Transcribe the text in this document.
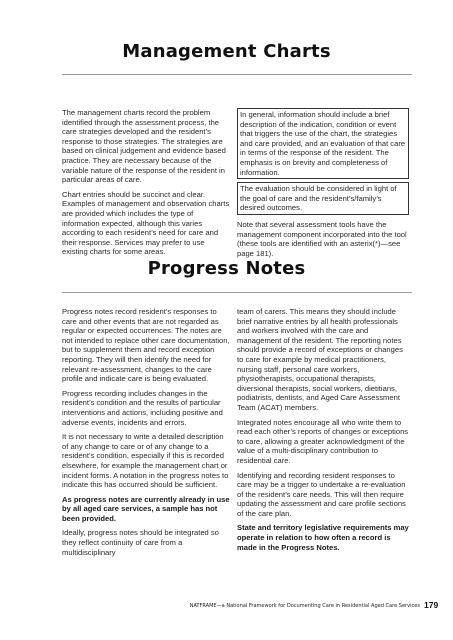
Management Charts

The management charts record the problem identified through the assessment process, the care strategies developed and the resident’s response to those strategies. The strategies are based on clinical judgement and evidence based practice. They are necessary because of the variable nature of the response of the resident in particular areas of care.

Chart entries should be succinct and clear. Examples of management and observation charts are provided which includes the type of information expected, although this varies according to each resident’s need for care and their response. Services may prefer to use existing charts for some areas.

In general, information should include a brief description of the indication, condition or event that triggers the use of the chart, the strategies and care provided, and an evaluation of that care in terms of the response of the resident. The emphasis is on brevity and completeness of information.

The evaluation should be considered in light of the goal of care and the resident’s/family’s desired outcomes.

Note that several assessment tools have the management component incorporated into the tool (these tools are identified with an asterix(*)—see page 181).

Progress Notes

Progress notes record resident’s responses to care and other events that are not regarded as regular or expected occurrences. The notes are not intended to replace other care documentation, but to supplement them and record exception reporting. They will then identify the need for relevant re-assessment, changes to the care profile and indicate care is being evaluated.

Progress recording includes changes in the resident’s condition and the results of particular interventions and actions, including positive and adverse events, incidents and errors.

It is not necessary to write a detailed description of any change to care or of any change to a resident’s condition, especially if this is recorded elsewhere, for example the management chart or incident forms. A notation in the progress notes to indicate this has occurred should be sufficient.

As progress notes are currently already in use by all aged care services, a sample has not been provided.

Ideally, progress notes should be integrated so they reflect continuity of care from a multidisciplinary

team of carers. This means they should include brief narrative entries by all health professionals and workers involved with the care and management of the resident. The reporting notes should provide a record of exceptions or changes to care for example by medical practitioners, nursing staff, personal care workers, physiotherapists, occupational therapists, diversional therapists, social workers, dietitians, podiatrists, dentists, and Aged Care Assessment Team (ACAT) members.

Integrated notes encourage all who write them to read each other’s reports of changes or exceptions to care, allowing a greater acknowledgment of the value of a multi-disciplinary contribution to residential care.

Identifying and recording resident responses to care may be a trigger to undertake a re-evaluation of the resident’s care needs. This will then require updating the assessment and care profile sections of the care plan.

State and territory legislative requirements may operate in relation to how often a record is made in the Progress Notes.

NATFRAME—a National Framework for Documenting Care in Residential Aged Care Services 179
